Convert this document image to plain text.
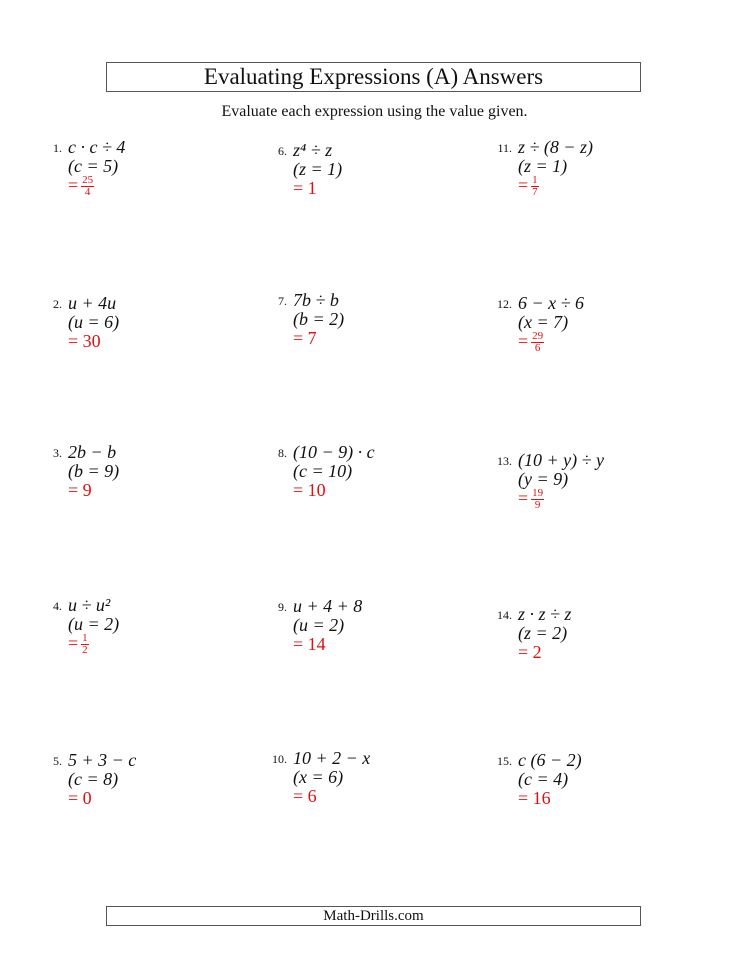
Evaluating Expressions (A) Answers
Evaluate each expression using the value given.
1. c · c ÷ 4
(c = 5)
= $\frac{25}{4}$
2. u + 4u
(u = 6)
= 30
3. 2b − b
(b = 9)
= 9
4. u ÷ u²
(u = 2)
= $\frac{1}{2}$
5. 5 + 3 − c
(c = 8)
= 0
6. z⁴ ÷ z
(z = 1)
= 1
7. 7b ÷ b
(b = 2)
= 7
8. (10 − 9) · c
(c = 10)
= 10
9. u + 4 + 8
(u = 2)
= 14
10. 10 + 2 − x
(x = 6)
= 6
11. z ÷ (8 − z)
(z = 1)
= $\frac{1}{7}$
12. 6 − x ÷ 6
(x = 7)
= $\frac{29}{6}$
13. (10 + y) ÷ y
(y = 9)
= $\frac{19}{9}$
14. z · z ÷ z
(z = 2)
= 2
15. c (6 − 2)
(c = 4)
= 16
Math-Drills.com
